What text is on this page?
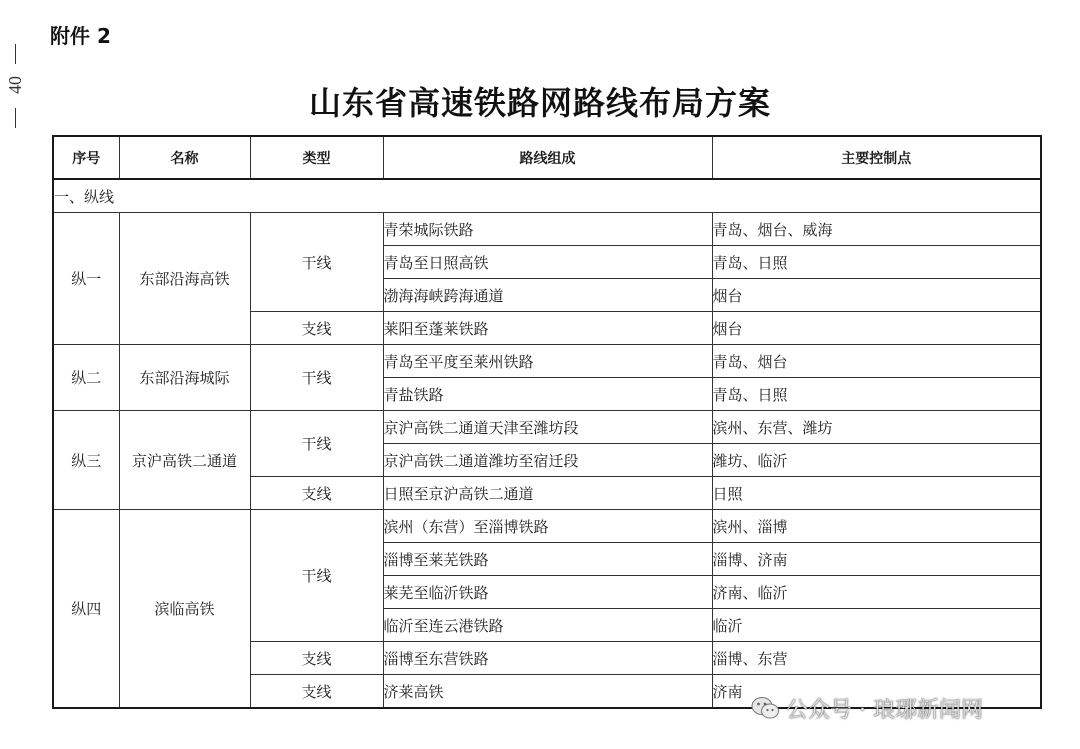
附件 2
40	山东省高速铁路网路线布局方案
序号	名称	类型	路线组成	主要控制点
一、纵线				
纵一	东部沿海高铁	干线	青荣城际铁路	青岛、烟台、威海
			青岛至日照高铁	青岛、日照
			渤海海峡跨海通道	烟台
		支线	莱阳至蓬莱铁路	烟台
纵二	东部沿海城际	干线	青岛至平度至莱州铁路	青岛、烟台
			青盐铁路	青岛、日照
纵三	京沪高铁二通道	干线	京沪高铁二通道天津至潍坊段	滨州、东营、潍坊
			京沪高铁二通道潍坊至宿迁段	潍坊、临沂
		支线	日照至京沪高铁二通道	日照
纵四	滨临高铁	干线	滨州（东营）至淄博铁路	滨州、淄博
			淄博至莱芜铁路	淄博、济南
			莱芜至临沂铁路	济南、临沂
			临沂至连云港铁路	临沂
		支线	淄博至东营铁路	淄博、东营
		支线	济莱高铁	济南
公众号 · 琅琊新闻网
